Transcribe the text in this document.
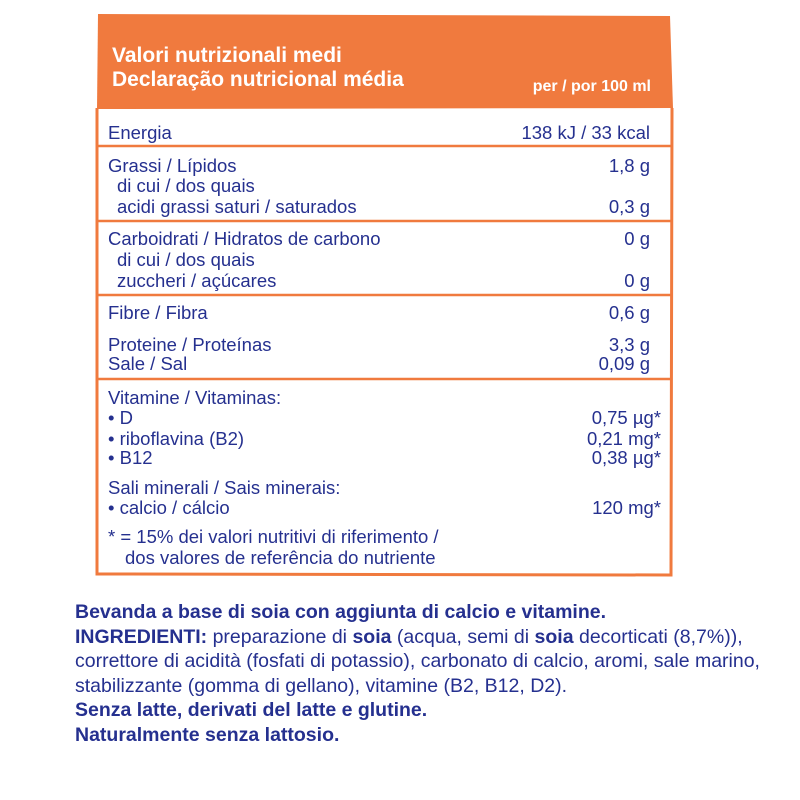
Valori nutrizionali medi
Declaração nutricional média	per / por 100 ml
Energia	138 kJ / 33 kcal
Grassi / Lípidos	1,8 g
di cui / dos quais
acidi grassi saturi / saturados	0,3 g
Carboidrati / Hidratos de carbono	0 g
di cui / dos quais
zuccheri / açúcares	0 g
Fibre / Fibra	0,6 g
Proteine / Proteínas	3,3 g
Sale / Sal	0,09 g
Vitamine / Vitaminas:
• D	0,75 µg*
• riboflavina (B2)	0,21 mg*
• B12	0,38 µg*
Sali minerali / Sais minerais:
• calcio / cálcio	120 mg*
* = 15% dei valori nutritivi di riferimento /
dos valores de referência do nutriente

Bevanda a base di soia con aggiunta di calcio e vitamine.

INGREDIENTI: preparazione di soia (acqua, semi di soia decorticati (8,7%)), correttore di acidità (fosfati di potassio), carbonato di calcio, aromi, sale marino, stabilizzante (gomma di gellano), vitamine (B2, B12, D2).

Senza latte, derivati del latte e glutine.

Naturalmente senza lattosio.
